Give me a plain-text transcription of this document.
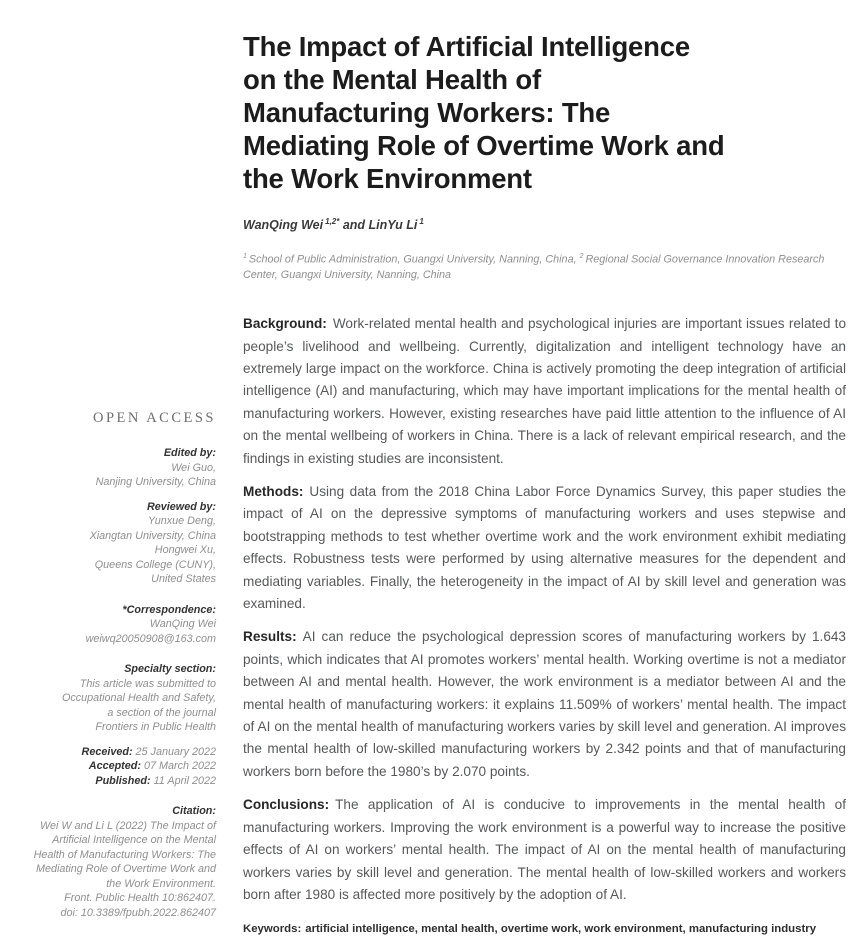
OPEN ACCESS
Edited by:
Wei Guo,
Nanjing University, China
Reviewed by:
Yunxue Deng,
Xiangtan University, China
Hongwei Xu,
Queens College (CUNY),
United States
*Correspondence:
WanQing Wei
weiwq20050908@163.com
Specialty section:
This article was submitted to
Occupational Health and Safety,
a section of the journal
Frontiers in Public Health
Received: 25 January 2022
Accepted: 07 March 2022
Published: 11 April 2022
Citation:
Wei W and Li L (2022) The Impact of
Artificial Intelligence on the Mental
Health of Manufacturing Workers: The
Mediating Role of Overtime Work and
the Work Environment.
Front. Public Health 10:862407.
doi: 10.3389/fpubh.2022.862407
The Impact of Artificial Intelligence
on the Mental Health of
Manufacturing Workers: The
Mediating Role of Overtime Work and
the Work Environment
WanQing Wei $^{1,2*}$ and LinYu Li $^1$
$^1$ School of Public Administration, Guangxi University, Nanning, China, $^2$ Regional Social Governance Innovation Research Center, Guangxi University, Nanning, China

Background: Work-related mental health and psychological injuries are important issues related to people’s livelihood and wellbeing. Currently, digitalization and intelligent technology have an extremely large impact on the workforce. China is actively promoting the deep integration of artificial intelligence (AI) and manufacturing, which may have important implications for the mental health of manufacturing workers. However, existing researches have paid little attention to the influence of AI on the mental wellbeing of workers in China. There is a lack of relevant empirical research, and the findings in existing studies are inconsistent.

Methods: Using data from the 2018 China Labor Force Dynamics Survey, this paper studies the impact of AI on the depressive symptoms of manufacturing workers and uses stepwise and bootstrapping methods to test whether overtime work and the work environment exhibit mediating effects. Robustness tests were performed by using alternative measures for the dependent and mediating variables. Finally, the heterogeneity in the impact of AI by skill level and generation was examined.

Results: AI can reduce the psychological depression scores of manufacturing workers by 1.643 points, which indicates that AI promotes workers’ mental health. Working overtime is not a mediator between AI and mental health. However, the work environment is a mediator between AI and the mental health of manufacturing workers: it explains 11.509% of workers’ mental health. The impact of AI on the mental health of manufacturing workers varies by skill level and generation. AI improves the mental health of low-skilled manufacturing workers by 2.342 points and that of manufacturing workers born before the 1980’s by 2.070 points.

Conclusions: The application of AI is conducive to improvements in the mental health of manufacturing workers. Improving the work environment is a powerful way to increase the positive effects of AI on workers’ mental health. The impact of AI on the mental health of manufacturing workers varies by skill level and generation. The mental health of low-skilled workers and workers born after 1980 is affected more positively by the adoption of AI.

Keywords: artificial intelligence, mental health, overtime work, work environment, manufacturing industry
